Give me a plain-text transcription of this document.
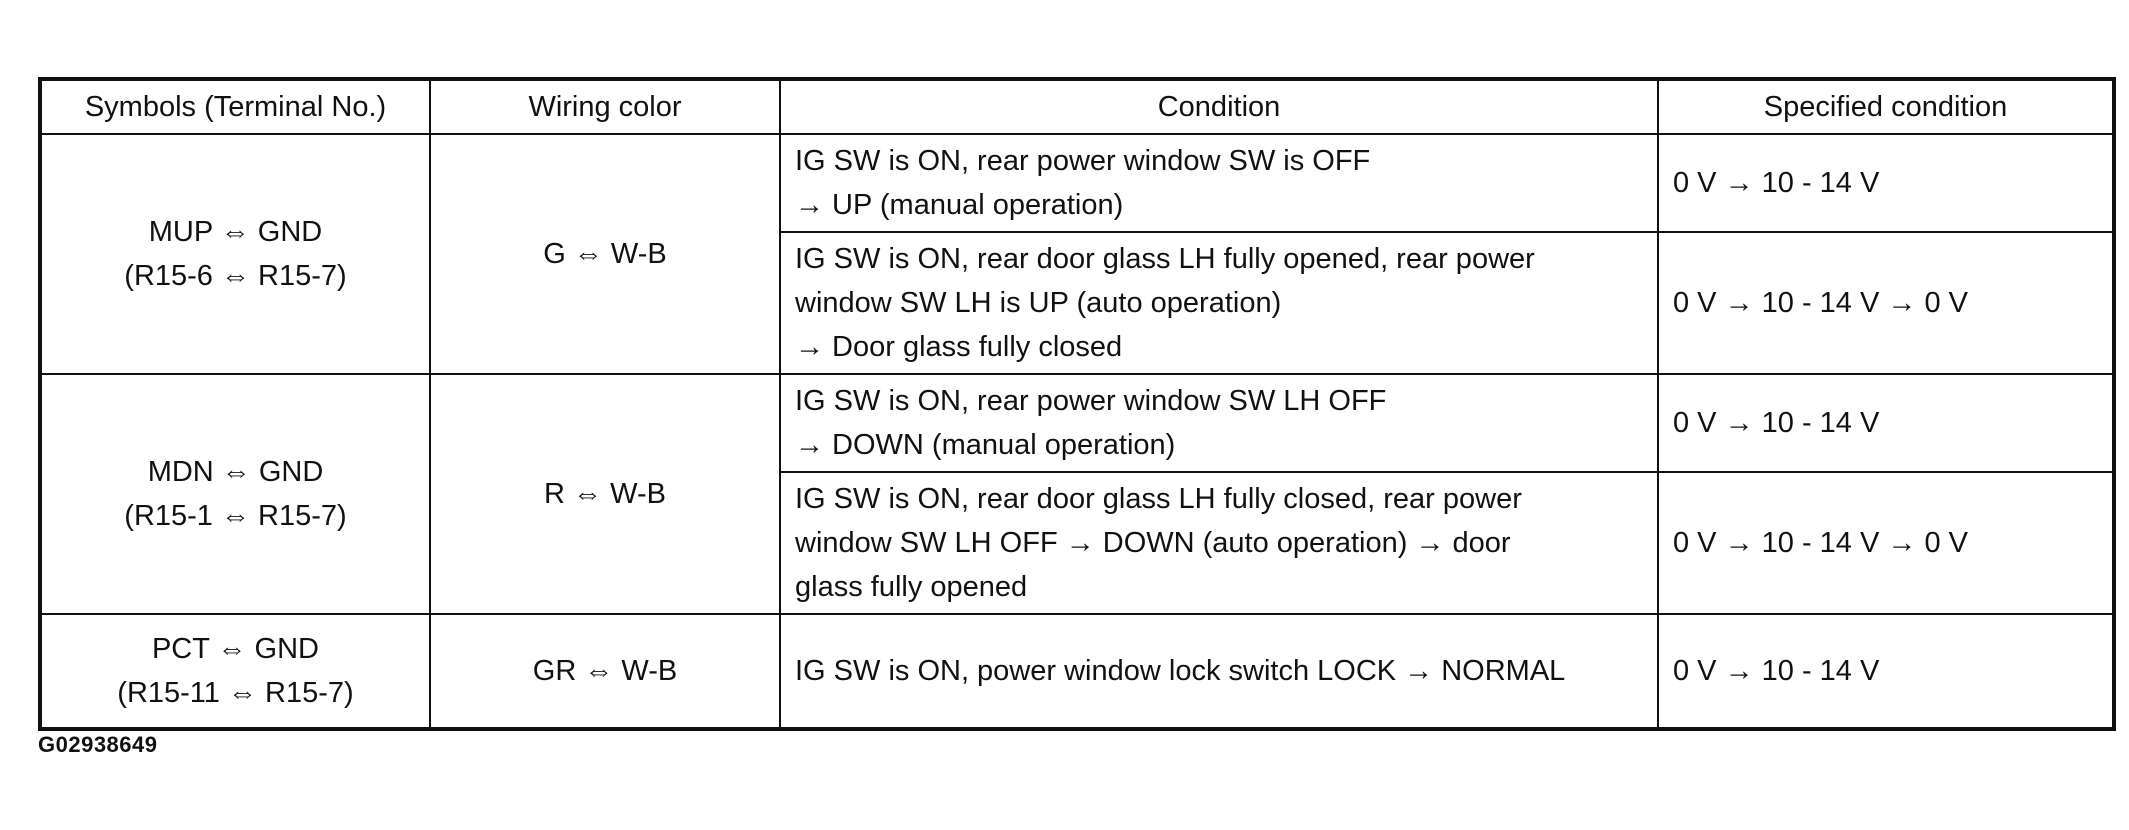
Symbols (Terminal No.)	Wiring color	Condition	Specified condition

MUP ⇔ GND
(R15-6 ⇔ R15-7)	G ⇔ W-B	IG SW is ON, rear power window SW is OFF
→ UP (manual operation)	0 V → 10 - 14 V

		IG SW is ON, rear door glass LH fully opened, rear power
window SW LH is UP (auto operation)
→ Door glass fully closed	0 V → 10 - 14 V → 0 V

MDN ⇔ GND
(R15-1 ⇔ R15-7)	R ⇔ W-B	IG SW is ON, rear power window SW LH OFF
→ DOWN (manual operation)	0 V → 10 - 14 V

		IG SW is ON, rear door glass LH fully closed, rear power
window SW LH OFF → DOWN (auto operation) → door
glass fully opened	0 V → 10 - 14 V → 0 V

PCT ⇔ GND
(R15-11 ⇔ R15-7)	GR ⇔ W-B	IG SW is ON, power window lock switch LOCK → NORMAL	0 V → 10 - 14 V
G02938649
